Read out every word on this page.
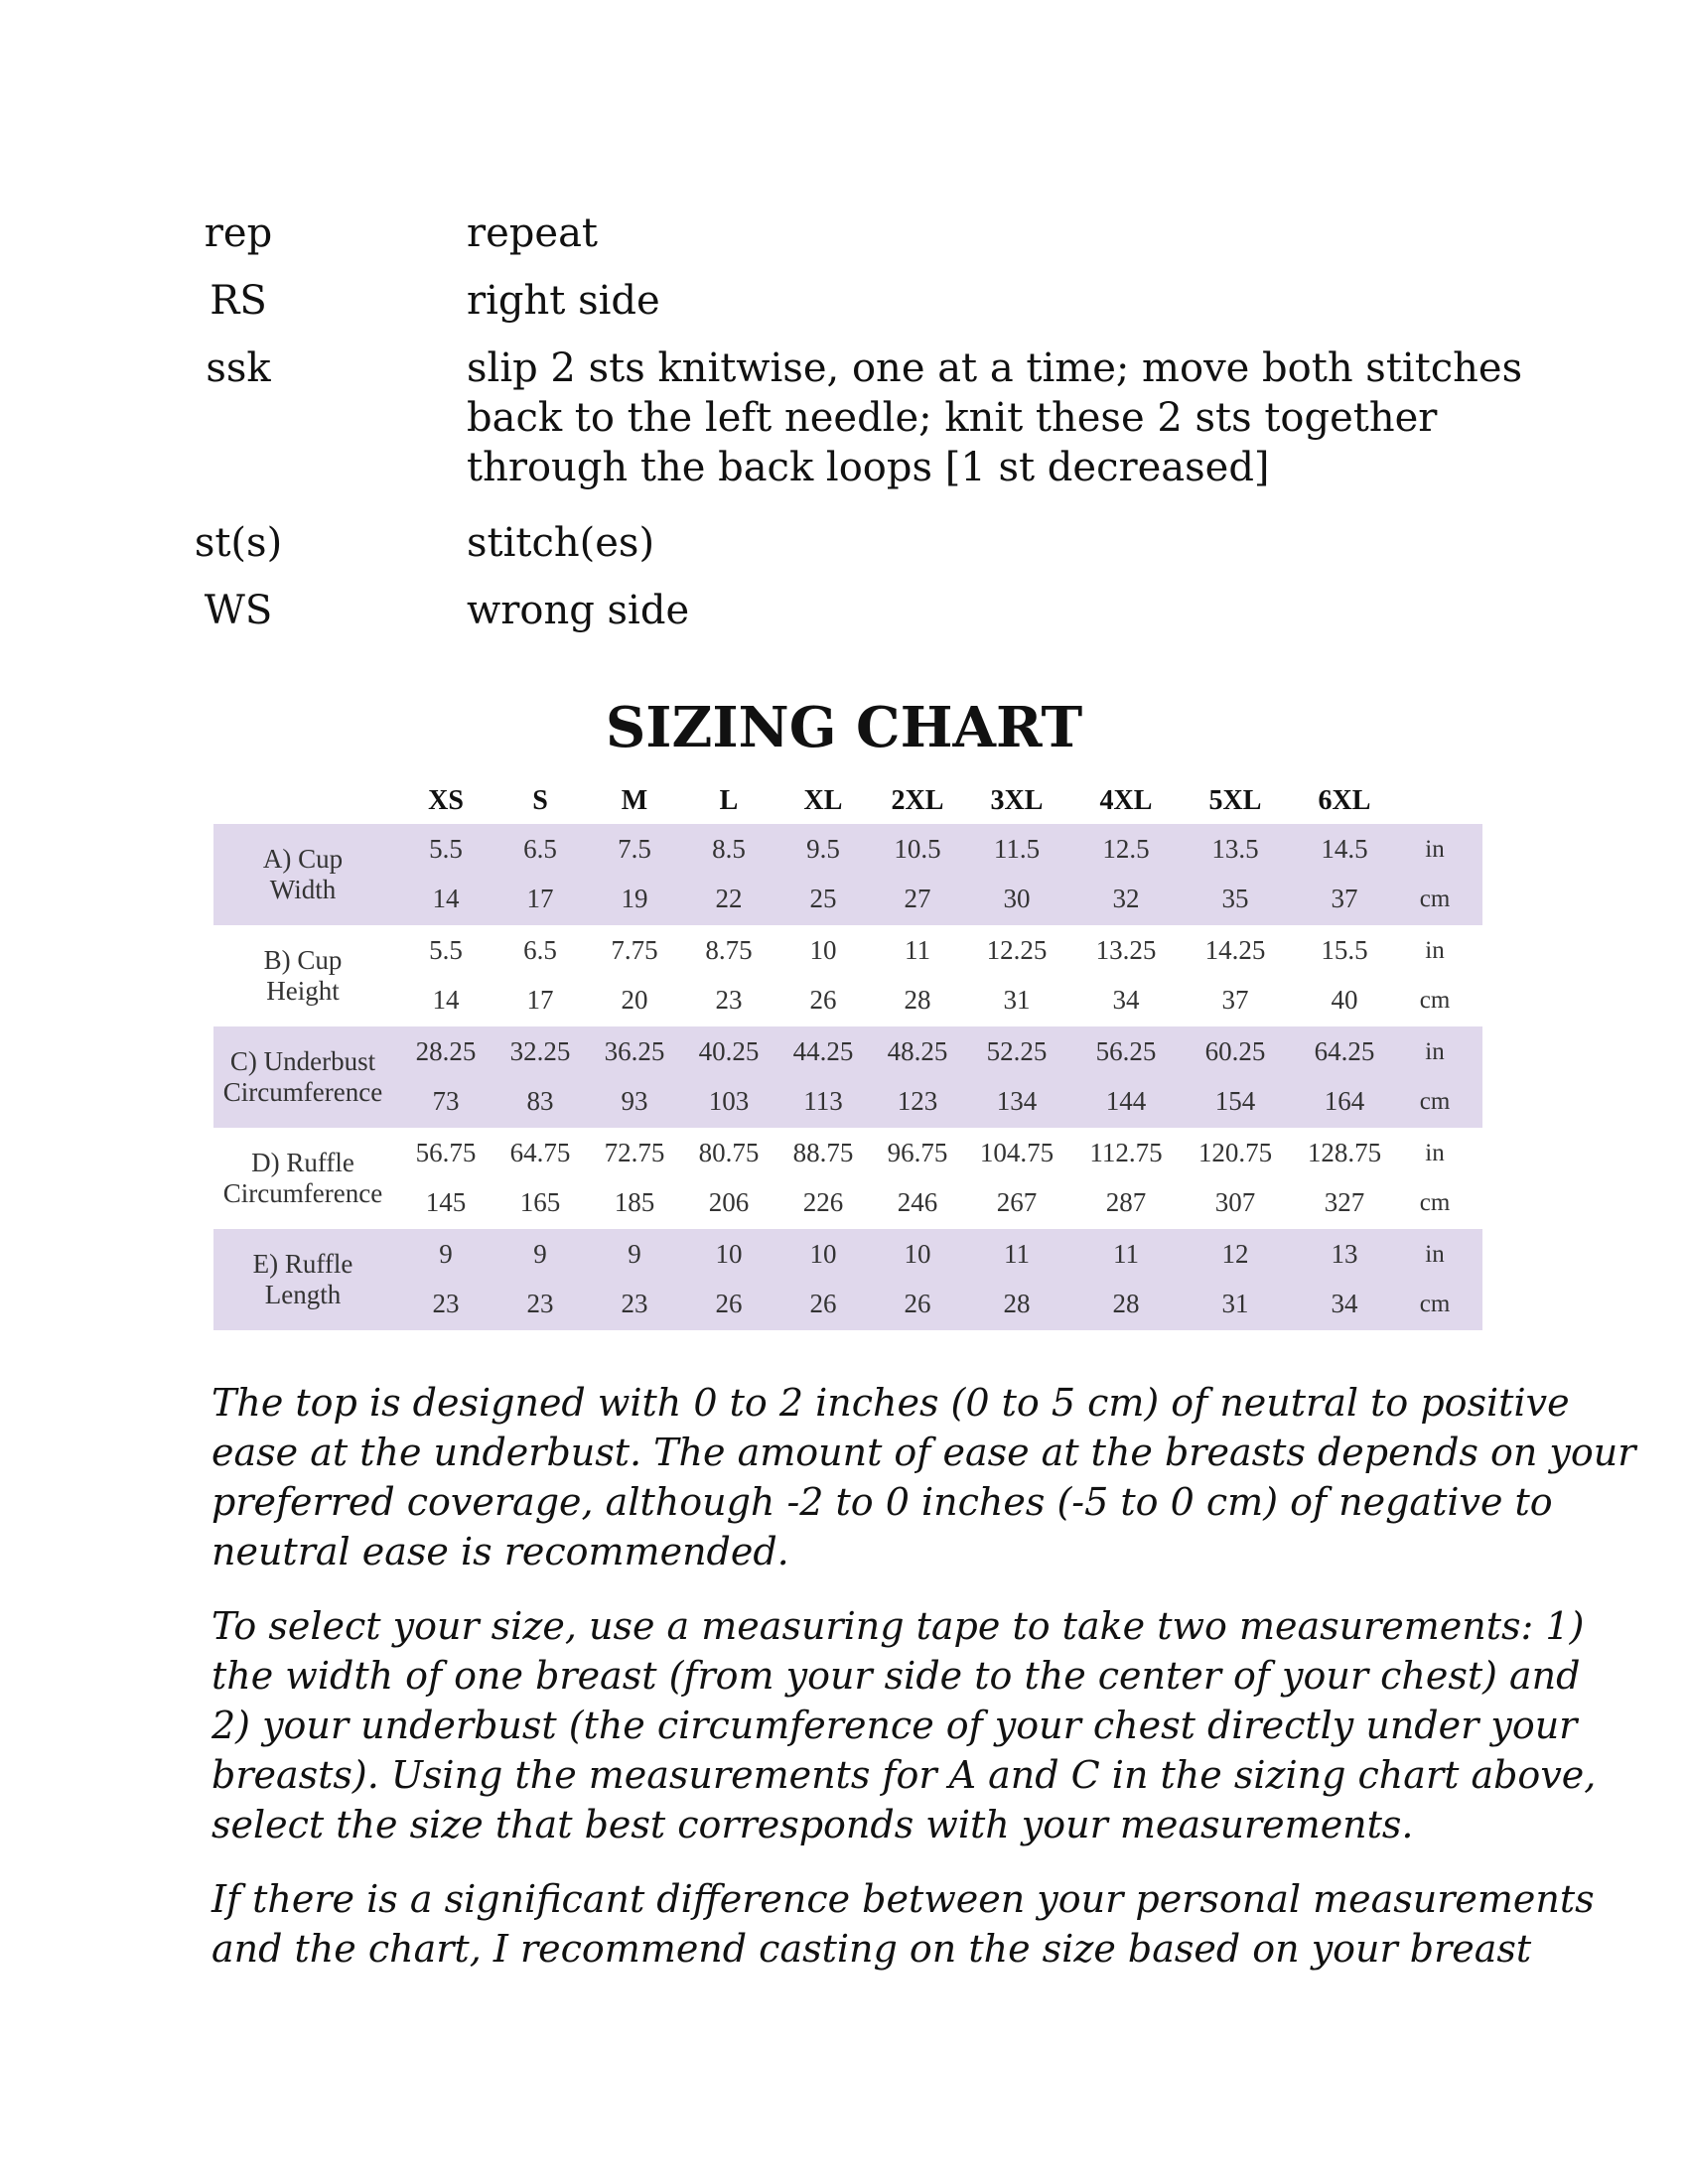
rep	repeat
RS	right side
ssk	slip 2 sts knitwise, one at a time; move both stitches
back to the left needle; knit these 2 sts together
through the back loops [1 st decreased]
st(s)	stitch(es)
WS	wrong side
SIZING CHART
XS S	M	L XL 2XL 3XL 4XL 5XL 6XL
A) Cup
Width
5.5 6.5 7.5 8.5 9.5 10.5 11.5 12.5 13.5 14.5 in
14	17	19	22	25	27	30	32	35	37 cm
B) Cup
Height
5.5 6.5 7.75 8.75 10	11 12.25 13.25 14.25 15.5 in
14	17	20	23	26	28	31	34	37	40 cm
C) Underbust
Circumference
28.25 32.25 36.25 40.25 44.25 48.25 52.25 56.25 60.25 64.25 in
73	83	93 103 113 123 134	144	154	164 cm
D) Ruffle
Circumference
56.75 64.75 72.75 80.75 88.75 96.75 104.75 112.75 120.75 128.75 in
145 165 185 206 226 246 267	287	307	327 cm
E) Ruffle
Length
9	9	9	10	10	10	11	11	12	13	in
23	23	23	26	26	26	28	28	31	34 cm
The top is designed with 0 to 2 inches (0 to 5 cm) of neutral to positive
ease at the underbust. The amount of ease at the breasts depends on your
preferred coverage, although -2 to 0 inches (-5 to 0 cm) of negative to
neutral ease is recommended.
To select your size, use a measuring tape to take two measurements: 1)
the width of one breast (from your side to the center of your chest) and
2) your underbust (the circumference of your chest directly under your
breasts). Using the measurements for A and C in the sizing chart above,
select the size that best corresponds with your measurements.
If there is a significant difference between your personal measurements
and the chart, I recommend casting on the size based on your breast
